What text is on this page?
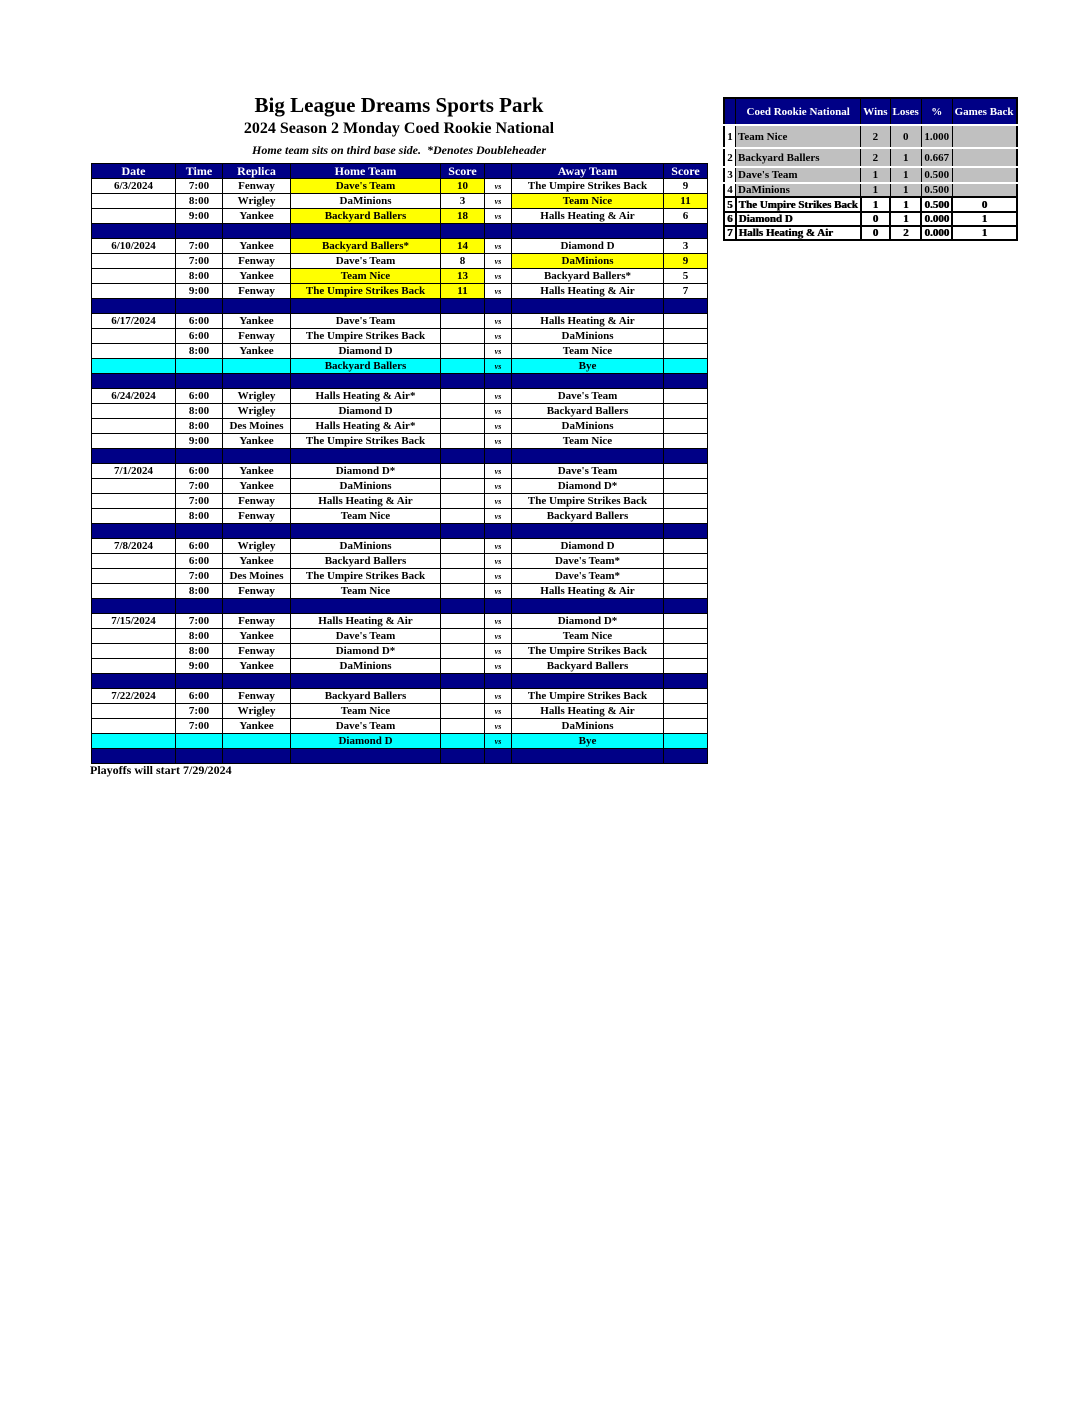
Big League Dreams Sports Park
2024 Season 2 Monday Coed Rookie National
Home team sits on third base side.  *Denotes Doubleheader
Date	Time	Replica	Home Team	Score		Away Team	Score
6/3/2024	7:00	Fenway	Dave's Team	10	vs	The Umpire Strikes Back	9
	8:00	Wrigley	DaMinions	3	vs	Team Nice	11
	9:00	Yankee	Backyard Ballers	18	vs	Halls Heating & Air	6

6/10/2024	7:00	Yankee	Backyard Ballers*	14	vs	Diamond D	3
	7:00	Fenway	Dave's Team	8	vs	DaMinions	9
	8:00	Yankee	Team Nice	13	vs	Backyard Ballers*	5
	9:00	Fenway	The Umpire Strikes Back	11	vs	Halls Heating & Air	7

6/17/2024	6:00	Yankee	Dave's Team		vs	Halls Heating & Air	
	6:00	Fenway	The Umpire Strikes Back		vs	DaMinions	
	8:00	Yankee	Diamond D		vs	Team Nice	
			Backyard Ballers		vs	Bye	

6/24/2024	6:00	Wrigley	Halls Heating & Air*		vs	Dave's Team	
	8:00	Wrigley	Diamond D		vs	Backyard Ballers	
	8:00	Des Moines	Halls Heating & Air*		vs	DaMinions	
	9:00	Yankee	The Umpire Strikes Back		vs	Team Nice	

7/1/2024	6:00	Yankee	Diamond D*		vs	Dave's Team	
	7:00	Yankee	DaMinions		vs	Diamond D*	
	7:00	Fenway	Halls Heating & Air		vs	The Umpire Strikes Back	
	8:00	Fenway	Team Nice		vs	Backyard Ballers	

7/8/2024	6:00	Wrigley	DaMinions		vs	Diamond D	
	6:00	Yankee	Backyard Ballers		vs	Dave's Team*	
	7:00	Des Moines	The Umpire Strikes Back		vs	Dave's Team*	
	8:00	Fenway	Team Nice		vs	Halls Heating & Air	

7/15/2024	7:00	Fenway	Halls Heating & Air		vs	Diamond D*	
	8:00	Yankee	Dave's Team		vs	Team Nice	
	8:00	Fenway	Diamond D*		vs	The Umpire Strikes Back	
	9:00	Yankee	DaMinions		vs	Backyard Ballers	

7/22/2024	6:00	Fenway	Backyard Ballers		vs	The Umpire Strikes Back	
	7:00	Wrigley	Team Nice		vs	Halls Heating & Air	
	7:00	Yankee	Dave's Team		vs	DaMinions	
			Diamond D		vs	Bye	

	Coed Rookie National	Wins	Loses	%	Games Back
1	Team Nice	2	0	1.000	
2	Backyard Ballers	2	1	0.667	
3	Dave's Team	1	1	0.500	
4	DaMinions	1	1	0.500	
5	The Umpire Strikes Back	1	1	0.500	0
6	Diamond D	0	1	0.000	1
7	Halls Heating & Air	0	2	0.000	1
Playoffs will start 7/29/2024
